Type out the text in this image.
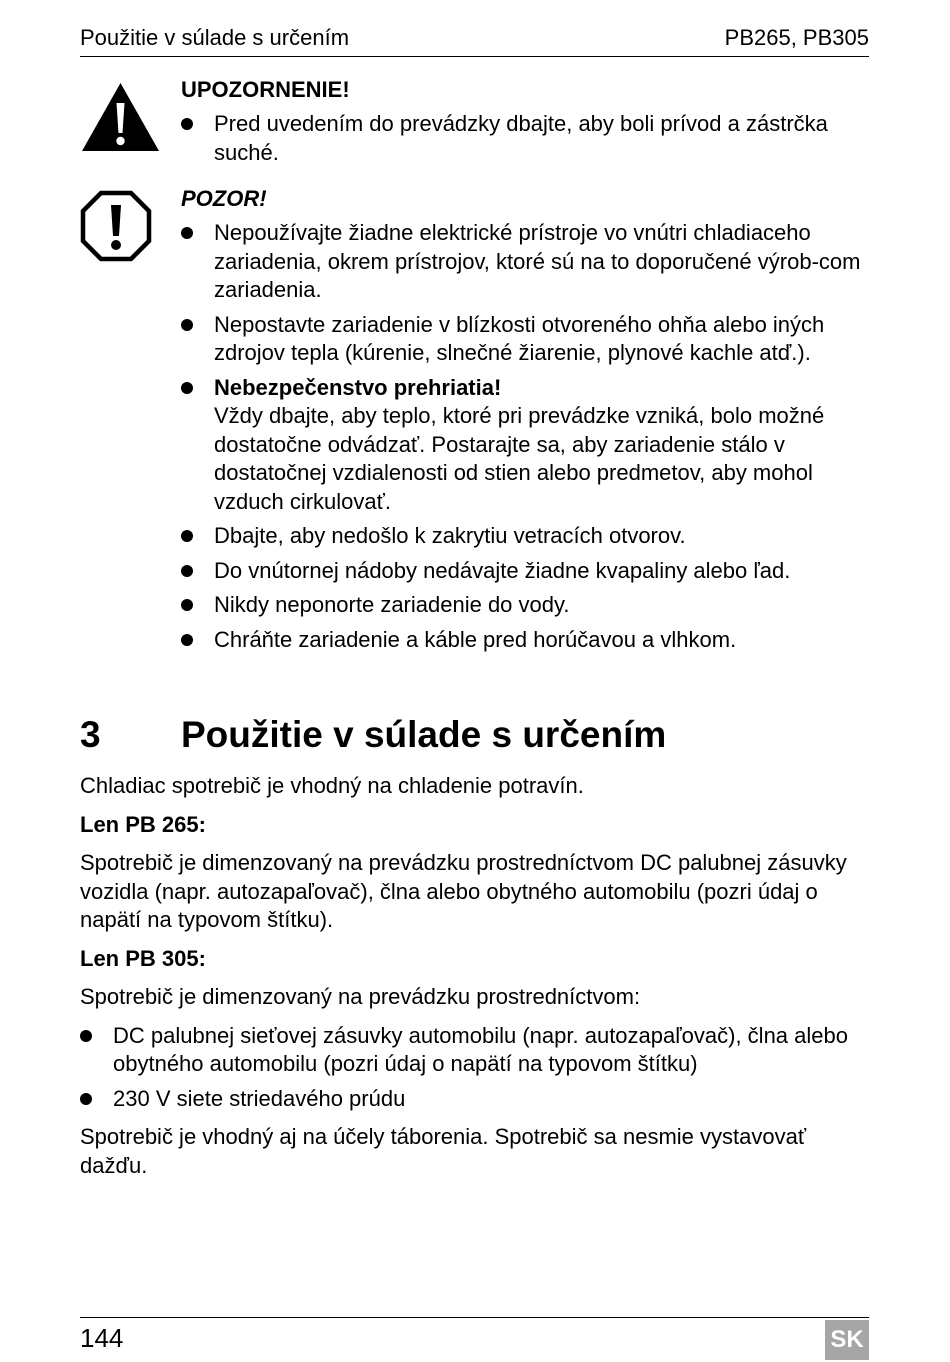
Použitie v súlade s určením	PB265, PB305
UPOZORNENIE!
Pred uvedením do prevádzky dbajte, aby boli prívod a zástrčka suché.
POZOR!
Nepoužívajte žiadne elektrické prístroje vo vnútri chladiaceho zariadenia, okrem prístrojov, ktoré sú na to doporučené výrob-com zariadenia.
Nepostavte zariadenie v blízkosti otvoreného ohňa alebo iných zdrojov tepla (kúrenie, slnečné žiarenie, plynové kachle atď.).
Nebezpečenstvo prehriatia!
Vždy dbajte, aby teplo, ktoré pri prevádzke vzniká, bolo možné dostatočne odvádzať. Postarajte sa, aby zariadenie stálo v dostatočnej vzdialenosti od stien alebo predmetov, aby mohol vzduch cirkulovať.
Dbajte, aby nedošlo k zakrytiu vetracích otvorov.
Do vnútornej nádoby nedávajte žiadne kvapaliny alebo ľad.
Nikdy neponorte zariadenie do vody.
Chráňte zariadenie a káble pred horúčavou a vlhkom.
3 Použitie v súlade s určením

Chladiac spotrebič je vhodný na chladenie potravín.

Len PB 265:

Spotrebič je dimenzovaný na prevádzku prostredníctvom DC palubnej zásuvky vozidla (napr. autozapaľovač), člna alebo obytného automobilu (pozri údaj o napätí na typovom štítku).

Len PB 305:

Spotrebič je dimenzovaný na prevádzku prostredníctvom:

DC palubnej sieťovej zásuvky automobilu (napr. autozapaľovač), člna alebo obytného automobilu (pozri údaj o napätí na typovom štítku)
230 V siete striedavého prúdu

Spotrebič je vhodný aj na účely táborenia. Spotrebič sa nesmie vystavovať dažďu.

144	SK
